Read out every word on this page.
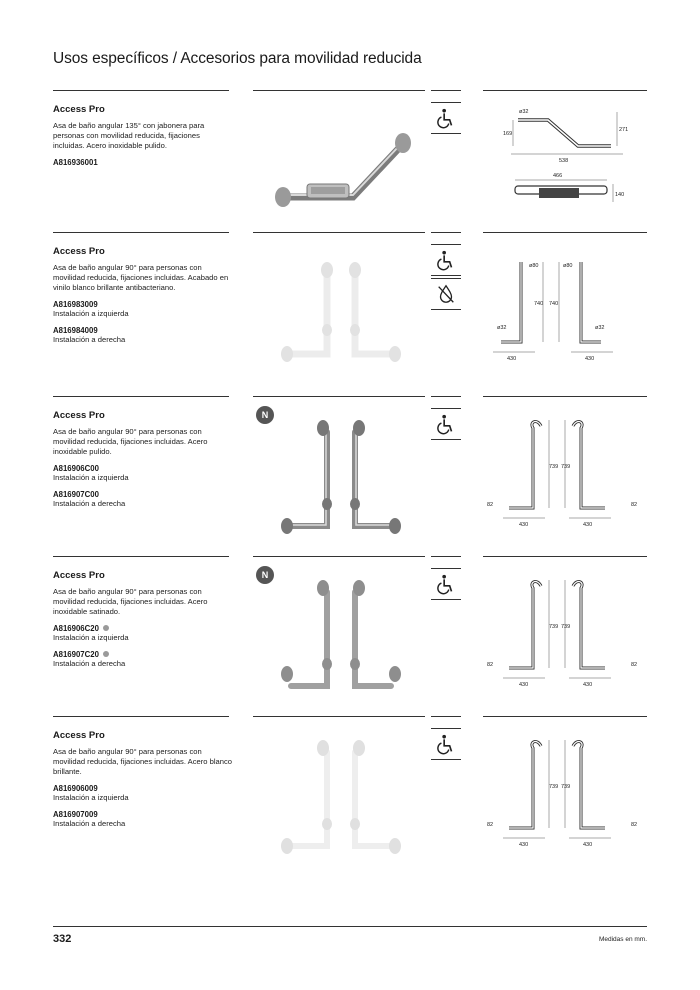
Usos específicos / Accesorios para movilidad reducida
Access Pro
Asa de baño angular 135° con jabonera para personas con movilidad reducida, fijaciones incluidas. Acero inoxidable pulido.
A816936001
ø32
169
271
538
466
140
Access Pro
Asa de baño angular 90° para personas con movilidad reducida, fijaciones incluidas. Acabado en vinilo blanco brillante antibacteriano.
A816983009
Instalación a izquierda
A816984009
Instalación a derecha
ø80	ø80
740 740
ø32	ø32
430	430
N
Access Pro
Asa de baño angular 90° para personas con movilidad reducida, fijaciones incluidas. Acero inoxidable pulido.
A816906C00
Instalación a izquierda
A816907C00
Instalación a derecha
739 739
82	82
430	430
N
Access Pro
Asa de baño angular 90° para personas con movilidad reducida, fijaciones incluidas. Acero inoxidable satinado.
A816906C20
Instalación a izquierda
A816907C20
Instalación a derecha
739 739
82	82
430	430
Access Pro
Asa de baño angular 90° para personas con movilidad reducida, fijaciones incluidas. Acero blanco brillante.
A816906009
Instalación a izquierda
A816907009
Instalación a derecha
739 739
82	82
430	430
332	Medidas en mm.
